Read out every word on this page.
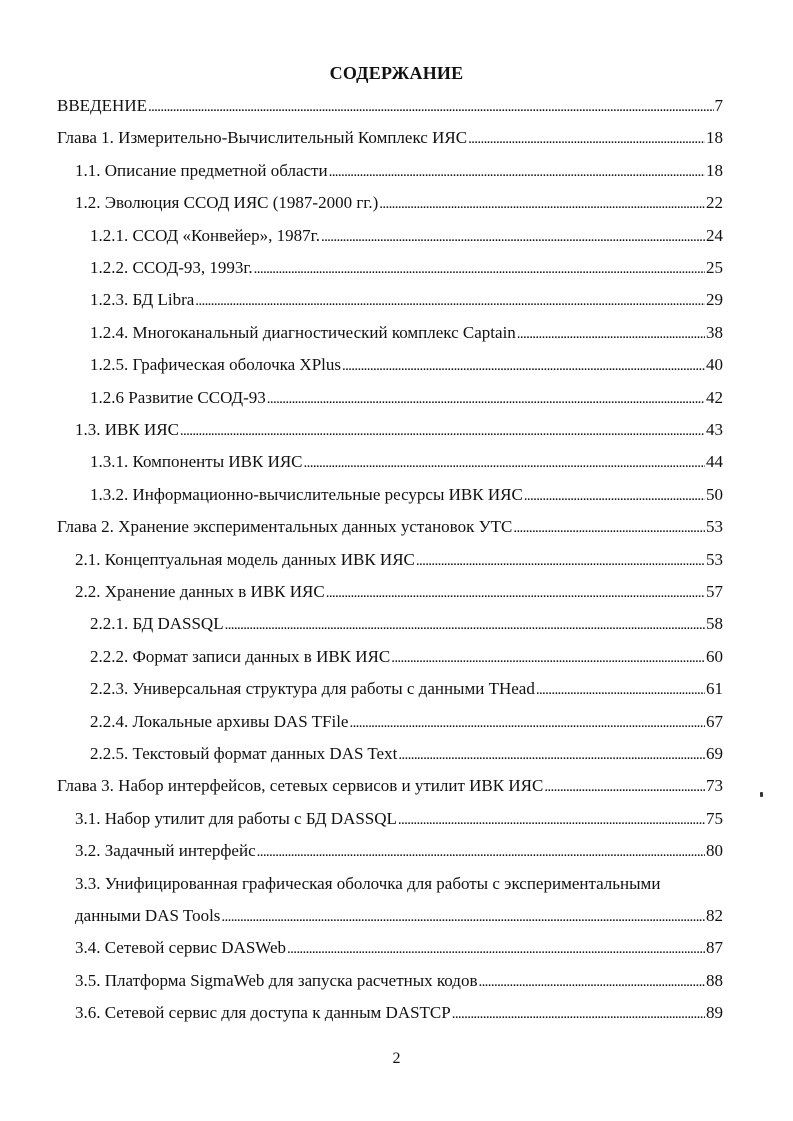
СОДЕРЖАНИЕ
ВВЕДЕНИЕ . . .	7
Глава 1. Измерительно-Вычислительный Комплекс ИЯС . . .	18
1.1. Описание предметной области . . .	18
1.2. Эволюция ССОД ИЯС (1987-2000 гг.) . . .	22
1.2.1. ССОД «Конвейер», 1987г. . . .	24
1.2.2. ССОД-93, 1993г. . . .	25
1.2.3. БД Libra . . .	29
1.2.4. Многоканальный диагностический комплекс Captain . . .	38
1.2.5. Графическая оболочка XPlus . . .	40
1.2.6 Развитие ССОД-93 . . .	42
1.3. ИВК ИЯС . . .	43
1.3.1. Компоненты ИВК ИЯС . . .	44
1.3.2. Информационно-вычислительные ресурсы ИВК ИЯС . . .	50
Глава 2. Хранение экспериментальных данных установок УТС . . .	53
2.1. Концептуальная модель данных ИВК ИЯС . . .	53
2.2. Хранение данных в ИВК ИЯС . . .	57
2.2.1. БД DASSQL . . .	58
2.2.2. Формат записи данных в ИВК ИЯС . . .	60
2.2.3. Универсальная структура для работы с данными THead . . .	61
2.2.4. Локальные архивы DAS TFile . . .	67
2.2.5. Текстовый формат данных DAS Text . . .	69
Глава 3. Набор интерфейсов, сетевых сервисов и утилит ИВК ИЯС . . .	73
3.1. Набор утилит для работы с БД DASSQL . . .	75
3.2. Задачный интерфейс . . .	80
3.3. Унифицированная графическая оболочка для работы с экспериментальными
данными DAS Tools . . .	82
3.4. Сетевой сервис DASWeb . . .	87
3.5. Платформа SigmaWeb для запуска расчетных кодов . . .	88
3.6. Сетевой сервис для доступа к данным DASTCP . . .	89
2
